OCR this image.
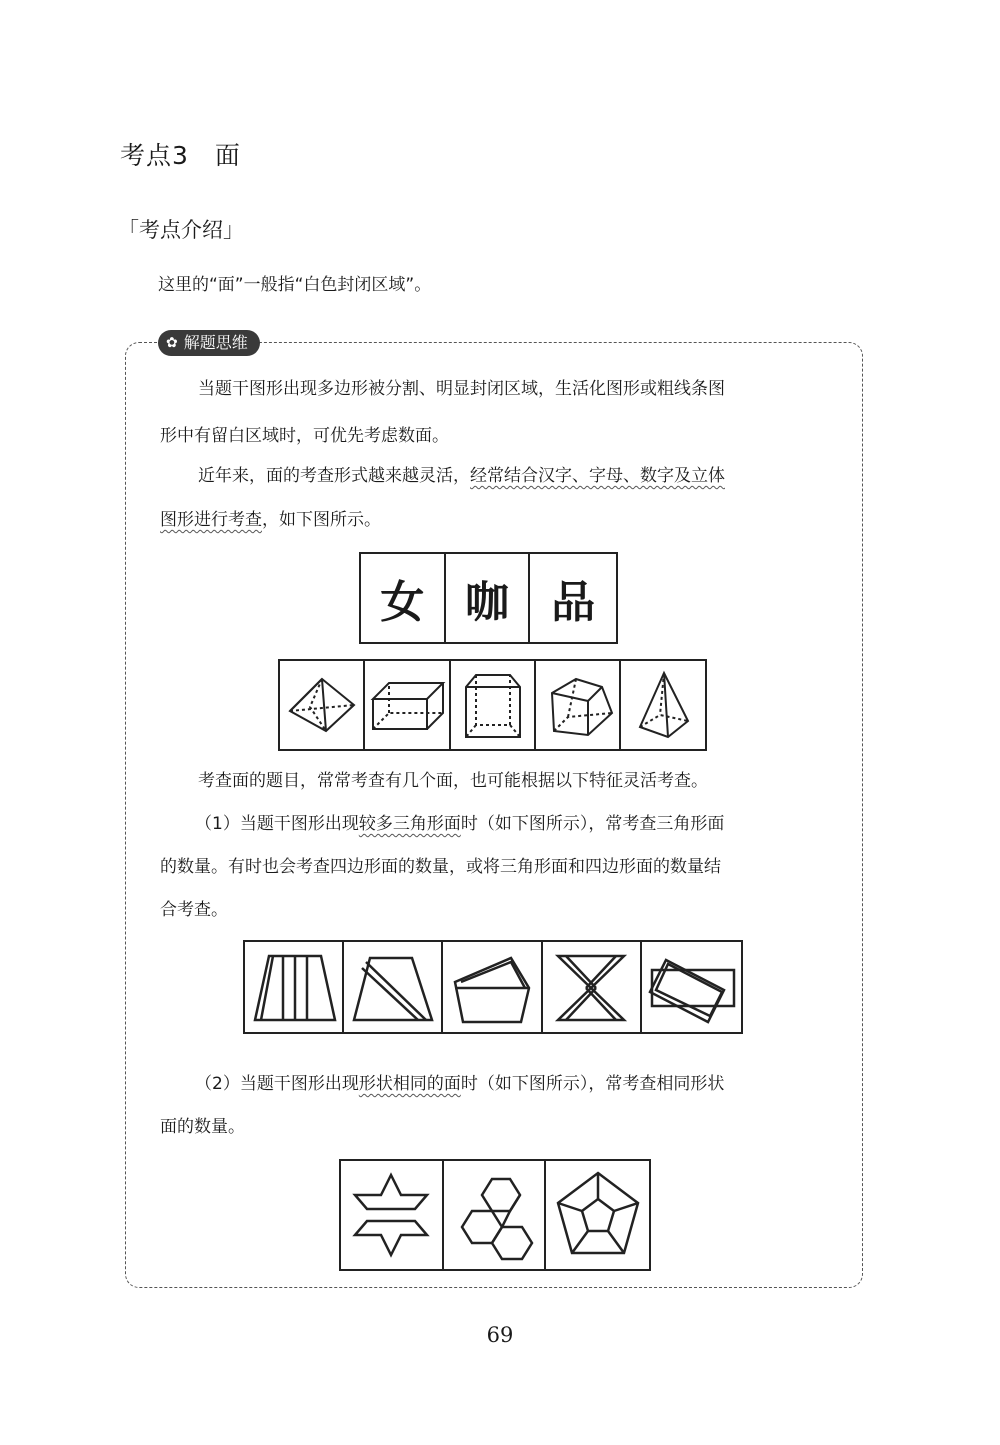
考点3　面
「考点介绍」
这里的“面”一般指“白色封闭区域”。
✿ 解题思维
当题干图形出现多边形被分割、明显封闭区域，生活化图形或粗线条图
形中有留白区域时，可优先考虑数面。
近年来，面的考查形式越来越灵活，经常结合汉字、字母、数字及立体
图形进行考查，如下图所示。
女 咖 品
考查面的题目，常常考查有几个面，也可能根据以下特征灵活考查。
（1）当题干图形出现较多三角形面时（如下图所示），常考查三角形面
的数量。有时也会考查四边形面的数量，或将三角形面和四边形面的数量结
合考查。
（2）当题干图形出现形状相同的面时（如下图所示），常考查相同形状
面的数量。
69
